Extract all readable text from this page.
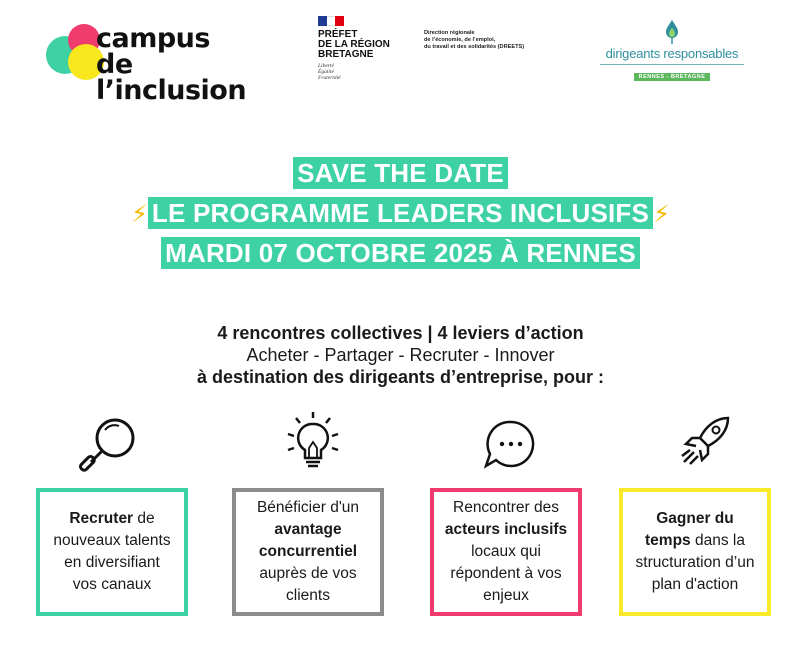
campus de
l’inclusion
PRÉFET
DE LA RÉGION
BRETAGNE
Liberté
Égalité
Fraternité
Direction régionale
de l’économie, de l’emploi,
du travail et des solidarités (DREETS)	dirigeants responsables
RENNES - BRETAGNE
SAVE THE DATE
⚡ LE PROGRAMME LEADERS INCLUSIFS ⚡
MARDI 07 OCTOBRE 2025 À RENNES
4 rencontres collectives | 4 leviers d’action
Acheter - Partager - Recruter - Innover
à destination des dirigeants d’entreprise, pour :
Recruter de nouveaux talents en diversifiant vos canaux
Bénéficier d'un avantage concurrentiel auprès de vos clients
Rencontrer des acteurs inclusifs locaux qui répondent à vos enjeux
Gagner du temps dans la structuration d’un plan d'action
